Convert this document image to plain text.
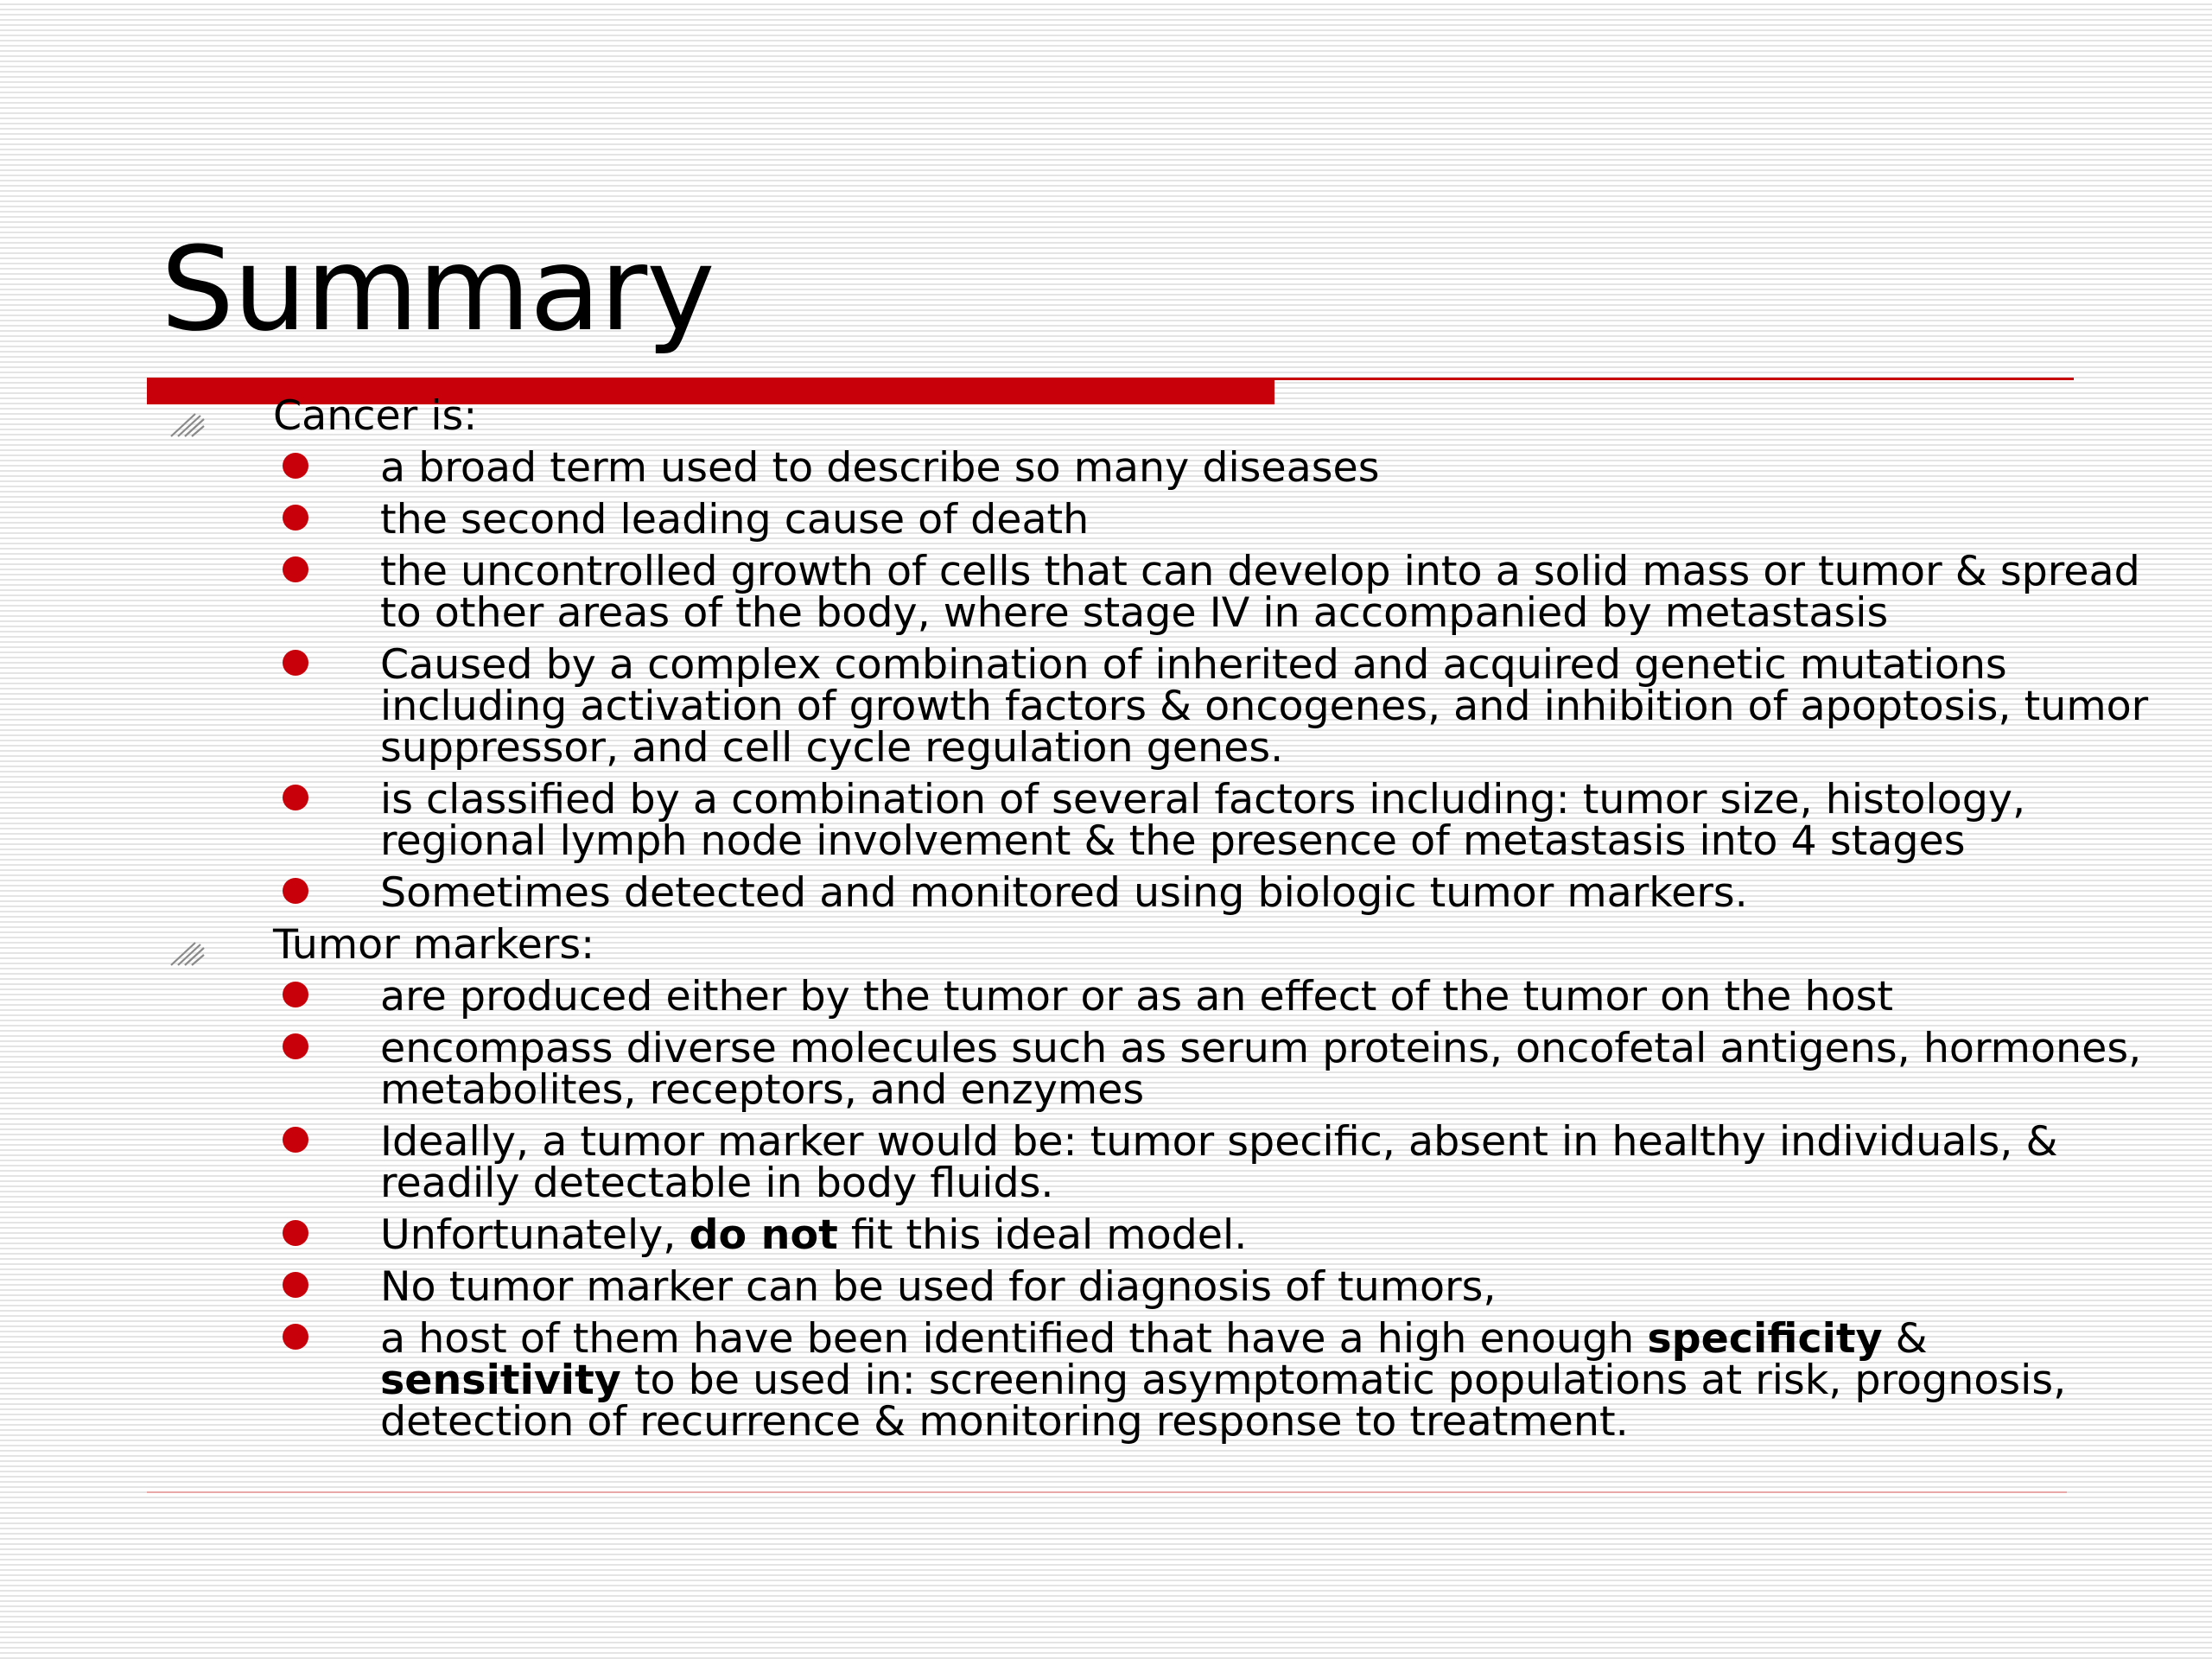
Summary
Cancer is:
a broad term used to describe so many diseases
the second leading cause of death
the uncontrolled growth of cells that can develop into a solid mass or tumor & spread to other areas of the body, where stage IV in accompanied by metastasis
Caused by a complex combination of inherited and acquired genetic mutations including activation of growth factors & oncogenes, and inhibition of apoptosis, tumor suppressor, and cell cycle regulation genes.
is classified by a combination of several factors including: tumor size, histology, regional lymph node involvement & the presence of metastasis into 4 stages
Sometimes detected and monitored using biologic tumor markers.
Tumor markers:
are produced either by the tumor or as an effect of the tumor on the host
encompass diverse molecules such as serum proteins, oncofetal antigens, hormones, metabolites, receptors, and enzymes
Ideally, a tumor marker would be: tumor specific, absent in healthy individuals, & readily detectable in body fluids.
Unfortunately, do not fit this ideal model.
No tumor marker can be used for diagnosis of tumors,
a host of them have been identified that have a high enough specificity & sensitivity to be used in: screening asymptomatic populations at risk, prognosis, detection of recurrence & monitoring response to treatment.
